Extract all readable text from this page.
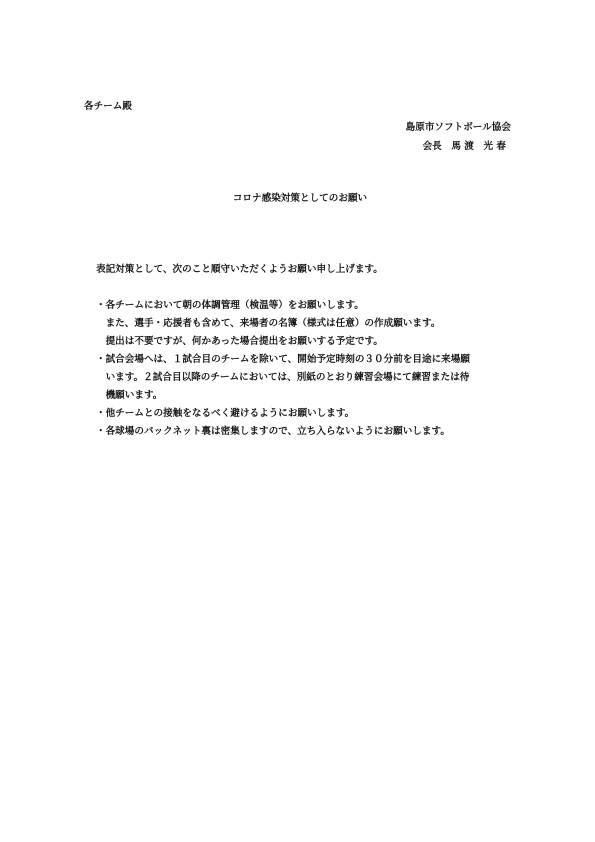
各チーム殿
島原市ソフトボール協会
会長　馬 渡　光 春
コロナ感染対策としてのお願い
表記対策として、次のこと順守いただくようお願い申し上げます。
・各チームにおいて朝の体調管理（検温等）をお願いします。
　また、選手・応援者も含めて、来場者の名簿（様式は任意）の作成願います。
　提出は不要ですが、何かあった場合提出をお願いする予定です。
・試合会場へは、１試合目のチームを除いて、開始予定時刻の３０分前を目途に来場願
　います。２試合目以降のチームにおいては、別紙のとおり練習会場にて練習または待
　機願います。
・他チームとの接触をなるべく避けるようにお願いします。
・各球場のバックネット裏は密集しますので、立ち入らないようにお願いします。
